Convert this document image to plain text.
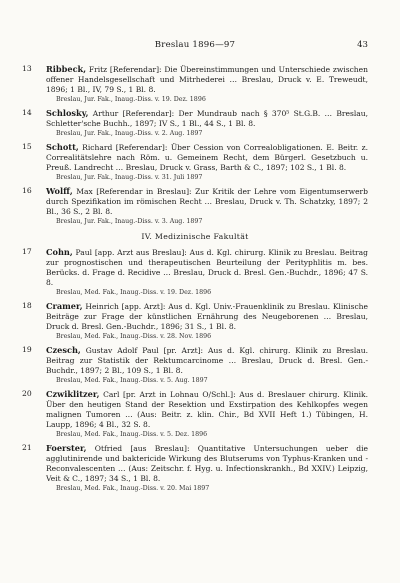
Breslau 1896—97	43
13	Ribbeck, Fritz [Referendar]: Die Übereinstimmungen und Unterschiede zwischen offener Handelsgesellschaft und Mitrhederei … Breslau, Druck v. E. Treweudt, 1896; 1 Bl., IV, 79 S., 1 Bl. 8.
Breslau, Jur. Fak., Inaug.-Diss. v. 19. Dez. 1896
14	Schlosky, Arthur [Referendar]: Der Mundraub nach § 370⁵ St.G.B. … Breslau, Schletter'sche Buchh., 1897; IV S., 1 Bl., 44 S., 1 Bl. 8.
Breslau, Jur. Fak., Inaug.-Diss. v. 2. Aug. 1897
15	Schott, Richard [Referendar]: Über Cession von Correalobligationen. E. Beitr. z. Correalitätslehre nach Röm. u. Gemeinem Recht, dem Bürgerl. Gesetzbuch u. Preuß. Landrecht … Breslau, Druck v. Grass, Barth & C., 1897; 102 S., 1 Bl. 8.
Breslau, Jur. Fak., Inaug.-Diss. v. 31. Juli 1897
16	Wolff, Max [Referendar in Breslau]: Zur Kritik der Lehre vom Eigentumserwerb durch Spezifikation im römischen Recht … Breslau, Druck v. Th. Schatzky, 1897; 2 Bl., 36 S., 2 Bl. 8.
Breslau, Jur. Fak., Inaug.-Diss. v. 3. Aug. 1897
IV. Medizinische Fakultät
17	Cohn, Paul [app. Arzt aus Breslau]: Aus d. Kgl. chirurg. Klinik zu Breslau. Beitrag zur prognostischen und therapeutischen Beurteilung der Perityphlitis m. bes. Berücks. d. Frage d. Recidive … Breslau, Druck d. Bresl. Gen.-Buchdr., 1896; 47 S. 8.
Breslau, Med. Fak., Inaug.-Diss. v. 19. Dez. 1896
18	Cramer, Heinrich [app. Arzt]: Aus d. Kgl. Univ.-Frauenklinik zu Breslau. Klinische Beiträge zur Frage der künstlichen Ernährung des Neugeborenen … Breslau, Druck d. Bresl. Gen.-Buchdr., 1896; 31 S., 1 Bl. 8.
Breslau, Med. Fak., Inaug.-Diss. v. 28. Nov. 1896
19	Czesch, Gustav Adolf Paul [pr. Arzt]: Aus d. Kgl. chirurg. Klinik zu Breslau. Beitrag zur Statistik der Rektumcarcinome … Breslau, Druck d. Bresl. Gen.-Buchdr., 1897; 2 Bl., 109 S., 1 Bl. 8.
Breslau, Med. Fak., Inaug.-Diss. v. 5. Aug. 1897
20	Czwiklitzer, Carl [pr. Arzt in Lohnau O/Schl.]: Aus d. Breslauer chirurg. Klinik. Über den heutigen Stand der Resektion und Exstirpation des Kehlkopfes wegen malignen Tumoren … (Aus: Beitr. z. klin. Chir., Bd XVII Heft 1.) Tübingen, H. Laupp, 1896; 4 Bl., 32 S. 8.
Breslau, Med. Fak., Inaug.-Diss. v. 5. Dez. 1896
21	Foerster, Otfried [aus Breslau]: Quantitative Untersuchungen ueber die agglutinirende und baktericide Wirkung des Blutserums von Typhus-Kranken und -Reconvalescenten … (Aus: Zeitschr. f. Hyg. u. Infectionskrankh., Bd XXIV.) Leipzig, Veit & C., 1897; 34 S., 1 Bl. 8.
Breslau, Med. Fak., Inaug.-Diss. v. 20. Mai 1897
